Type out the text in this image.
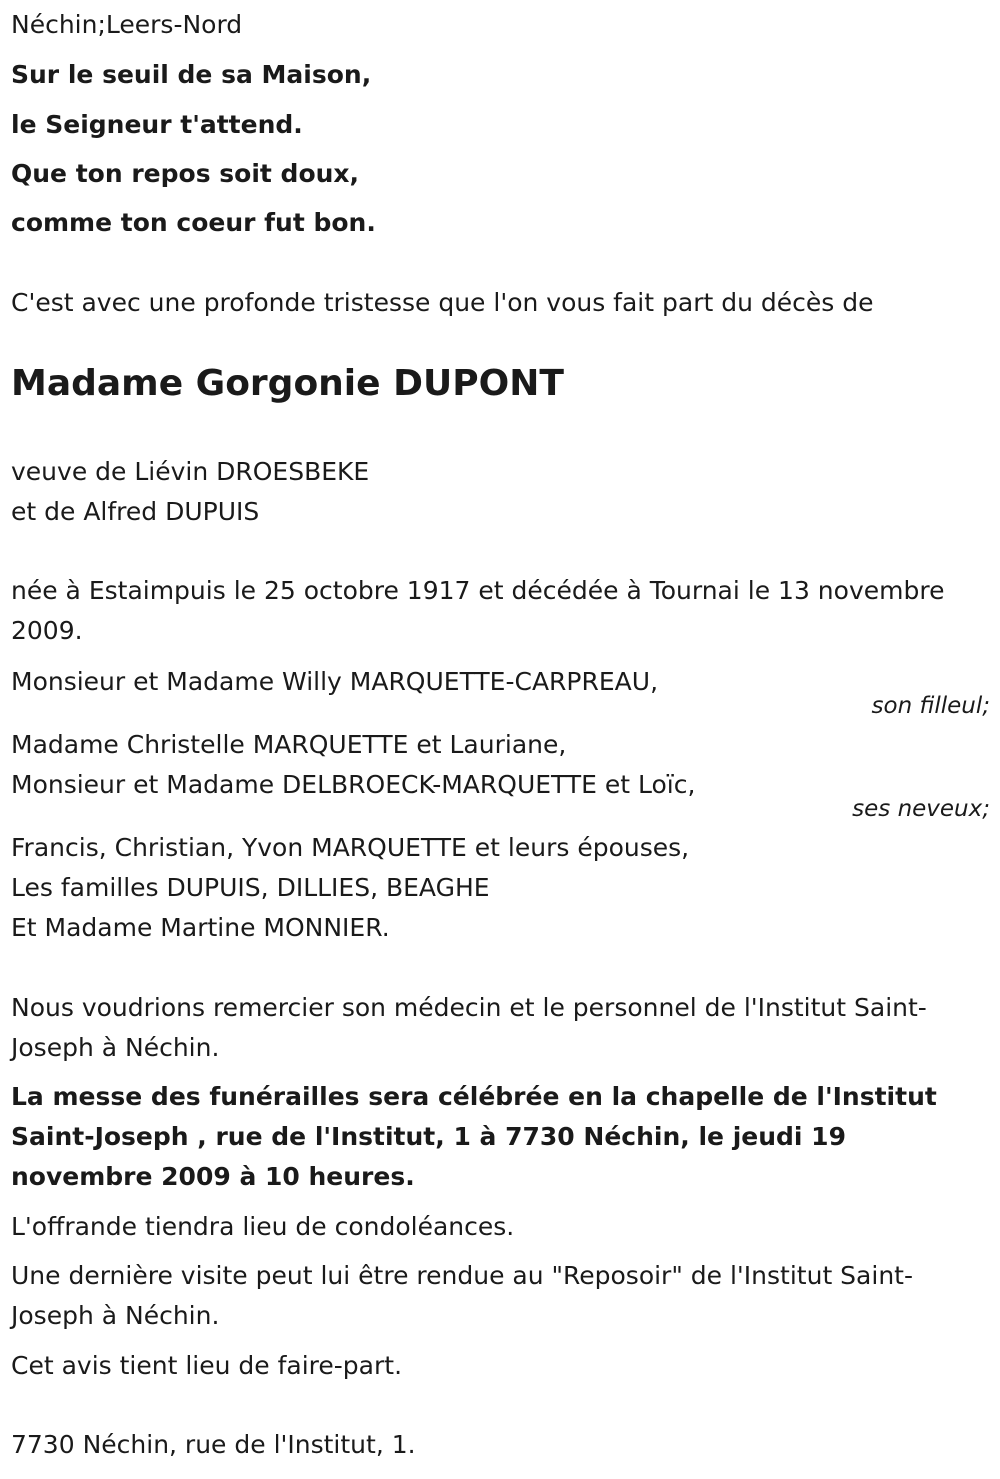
Néchin;Leers-Nord
Sur le seuil de sa Maison,
le Seigneur t'attend.
Que ton repos soit doux,
comme ton coeur fut bon.
C'est avec une profonde tristesse que l'on vous fait part du décès de
Madame Gorgonie DUPONT
veuve de Liévin DROESBEKE
et de Alfred DUPUIS
née à Estaimpuis le 25 octobre 1917 et décédée à Tournai le 13 novembre 2009.
Monsieur et Madame Willy MARQUETTE-CARPREAU,
son filleul;
Madame Christelle MARQUETTE et Lauriane,
Monsieur et Madame DELBROECK-MARQUETTE et Loïc,
ses neveux;
Francis, Christian, Yvon MARQUETTE et leurs épouses,
Les familles DUPUIS, DILLIES, BEAGHE
Et Madame Martine MONNIER.
Nous voudrions remercier son médecin et le personnel de l'Institut Saint-Joseph à Néchin.
La messe des funérailles sera célébrée en la chapelle de l'Institut Saint-Joseph , rue de l'Institut, 1 à 7730 Néchin, le jeudi 19 novembre 2009 à 10 heures.
L'offrande tiendra lieu de condoléances.
Une dernière visite peut lui être rendue au "Reposoir" de l'Institut Saint-Joseph à Néchin.
Cet avis tient lieu de faire-part.
7730 Néchin, rue de l'Institut, 1.
